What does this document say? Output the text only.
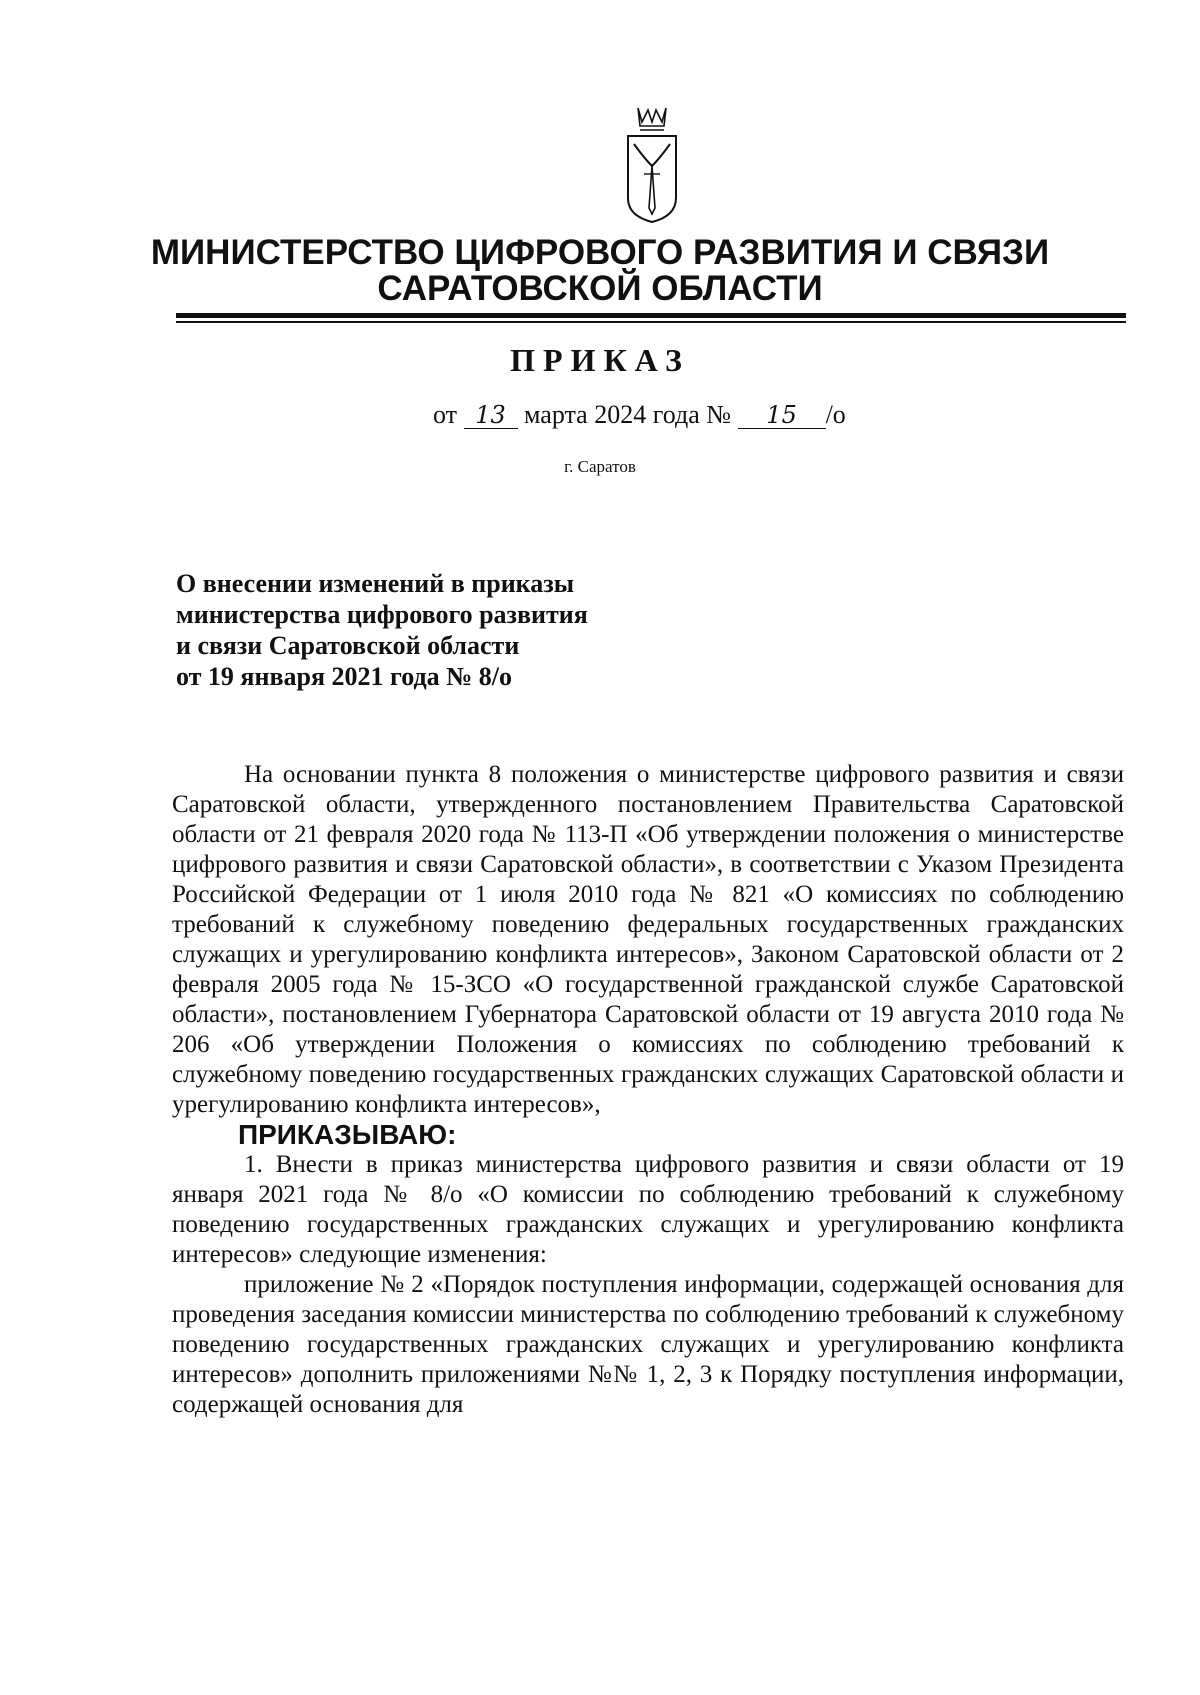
МИНИСТЕРСТВО ЦИФРОВОГО РАЗВИТИЯ И СВЯЗИ
САРАТОВСКОЙ ОБЛАСТИ
ПРИКАЗ
от 13 марта 2024 года № 15 /о
г. Саратов
О внесении изменений в приказы
министерства цифрового развития
и связи Саратовской области
от 19 января 2021 года № 8/о

На основании пункта 8 положения о министерстве цифрового развития и связи Саратовской области, утвержденного постановлением Правительства Саратовской области от 21 февраля 2020 года № 113-П «Об утверждении положения о министерстве цифрового развития и связи Саратовской области», в соответствии с Указом Президента Российской Федерации от 1 июля 2010 года № 821 «О комиссиях по соблюдению требований к служебному поведению федеральных государственных гражданских служащих и урегулированию конфликта интересов», Законом Саратовской области от 2 февраля 2005 года № 15-ЗСО «О государственной гражданской службе Саратовской области», постановлением Губернатора Саратовской области от 19 августа 2010 года № 206 «Об утверждении Положения о комиссиях по соблюдению требований к служебному поведению государственных гражданских служащих Саратовской области и урегулированию конфликта интересов»,

ПРИКАЗЫВАЮ:

1. Внести в приказ министерства цифрового развития и связи области от 19 января 2021 года № 8/о «О комиссии по соблюдению требований к служебному поведению государственных гражданских служащих и урегулированию конфликта интересов» следующие изменения:

приложение № 2 «Порядок поступления информации, содержащей основания для проведения заседания комиссии министерства по соблюдению требований к служебному поведению государственных гражданских служащих и урегулированию конфликта интересов» дополнить приложениями №№ 1, 2, 3 к Порядку поступления информации, содержащей основания для
